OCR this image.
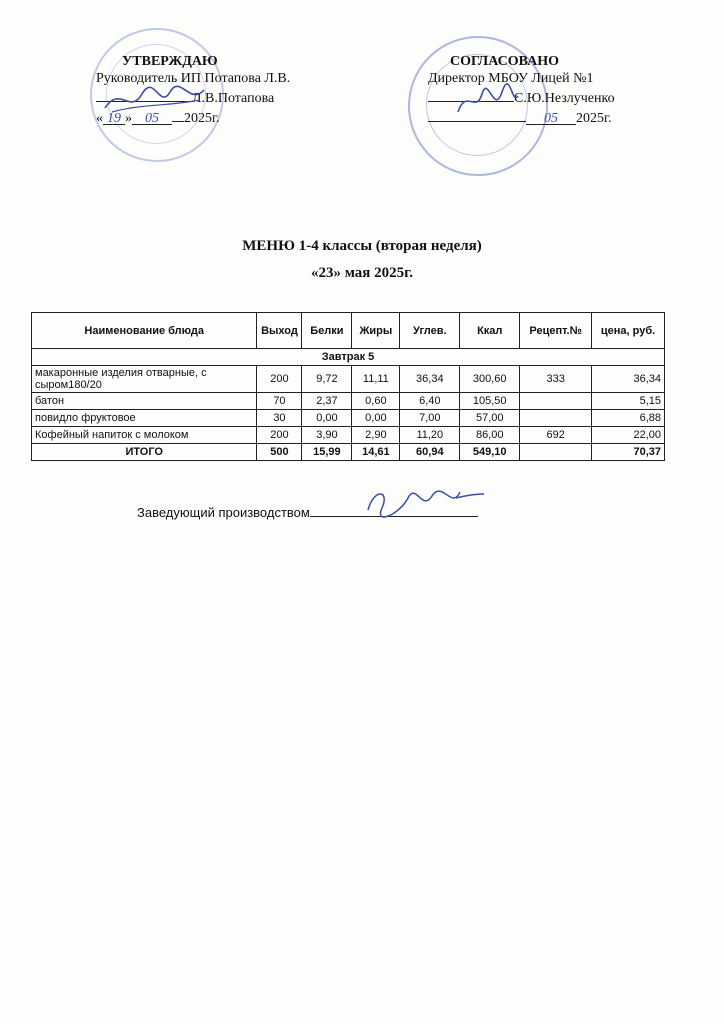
УТВЕРЖДАЮ
Руководитель ИП Потапова Л.В.
Л.В.Потапова
« 19 » 05 2025г.
СОГЛАСОВАНО
Директор МБОУ Лицей №1
С.Ю.Незлученко
05 2025г.
МЕНЮ 1-4 классы (вторая неделя)
«23» мая 2025г.
Наименование блюда	Выход	Белки	Жиры	Углев.	Ккал	Рецепт.№	цена, руб.
Завтрак 5							
макаронные изделия отварные, с сыром180/20	200	9,72	11,11	36,34	300,60	333	36,34
батон	70	2,37	0,60	6,40	105,50		5,15
повидло фруктовое	30	0,00	0,00	7,00	57,00		6,88
Кофейный напиток с молоком	200	3,90	2,90	11,20	86,00	692	22,00
ИТОГО	500	15,99	14,61	60,94	549,10		70,37
Заведующий производством
